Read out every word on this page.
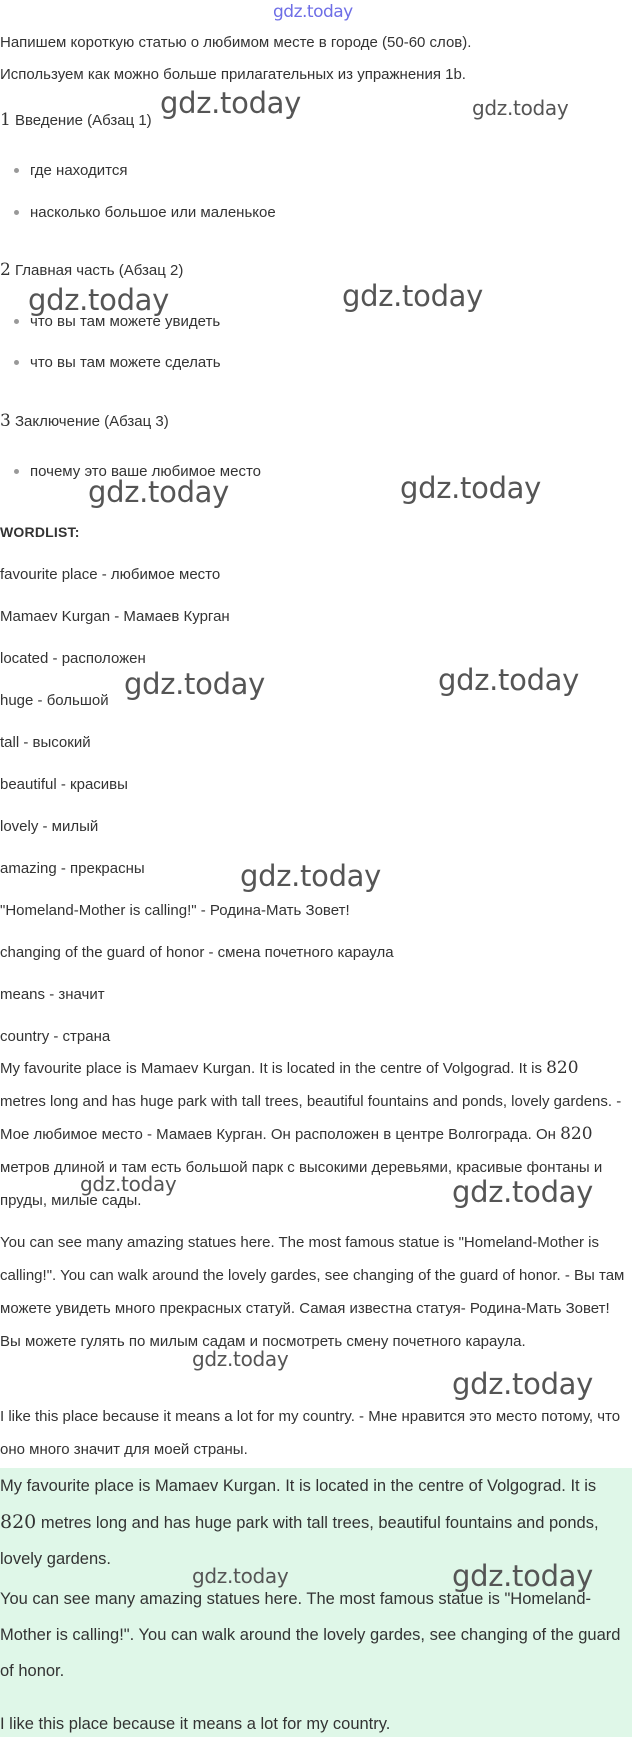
gdz.today
Напишем короткую статью о любимом месте в городе (50-60 слов).
Используем как можно больше прилагательных из упражнения 1b.
1 Введение (Абзац 1)
где находится
насколько большое или маленькое
2 Главная часть (Абзац 2)
что вы там можете увидеть
что вы там можете сделать
3 Заключение (Абзац 3)
почему это ваше любимое место
WORDLIST:
favourite place - любимое место
Mamaev Kurgan - Мамаев Курган
located - расположен
huge - большой
tall - высокий
beautiful - красивы
lovely - милый
amazing - прекрасны
"Homeland-Mother is calling!" - Родина-Мать Зовет!
changing of the guard of honor - смена почетного караула
means - значит
country - страна
My favourite place is Mamaev Kurgan. It is located in the centre of Volgograd. It is 820 metres long and has huge park with tall trees, beautiful fountains and ponds, lovely gardens. - Мое любимое место - Мамаев Курган. Он расположен в центре Волгограда. Он 820 метров длиной и там есть большой парк с высокими деревьями, красивые фонтаны и пруды, милые сады.
You can see many amazing statues here. The most famous statue is "Homeland-Mother is calling!". You can walk around the lovely gardes, see changing of the guard of honor. - Вы там можете увидеть много прекрасных статуй. Самая известна статуя- Родина-Мать Зовет! Вы можете гулять по милым садам и посмотреть смену почетного караула.
I like this place because it means a lot for my country. - Мне нравится это место потому, что оно много значит для моей страны.
My favourite place is Mamaev Kurgan. It is located in the centre of Volgograd. It is 820 metres long and has huge park with tall trees, beautiful fountains and ponds, lovely gardens.
You can see many amazing statues here. The most famous statue is "Homeland-Mother is calling!". You can walk around the lovely gardes, see changing of the guard of honor.
I like this place because it means a lot for my country.
gdz.today	gdz.today
gdz.today	gdz.today
gdz.today	gdz.today
gdz.today	gdz.today
gdz.today
gdz.today
gdz.today
gdz.today
gdz.today
gdz.today	gdz.today
